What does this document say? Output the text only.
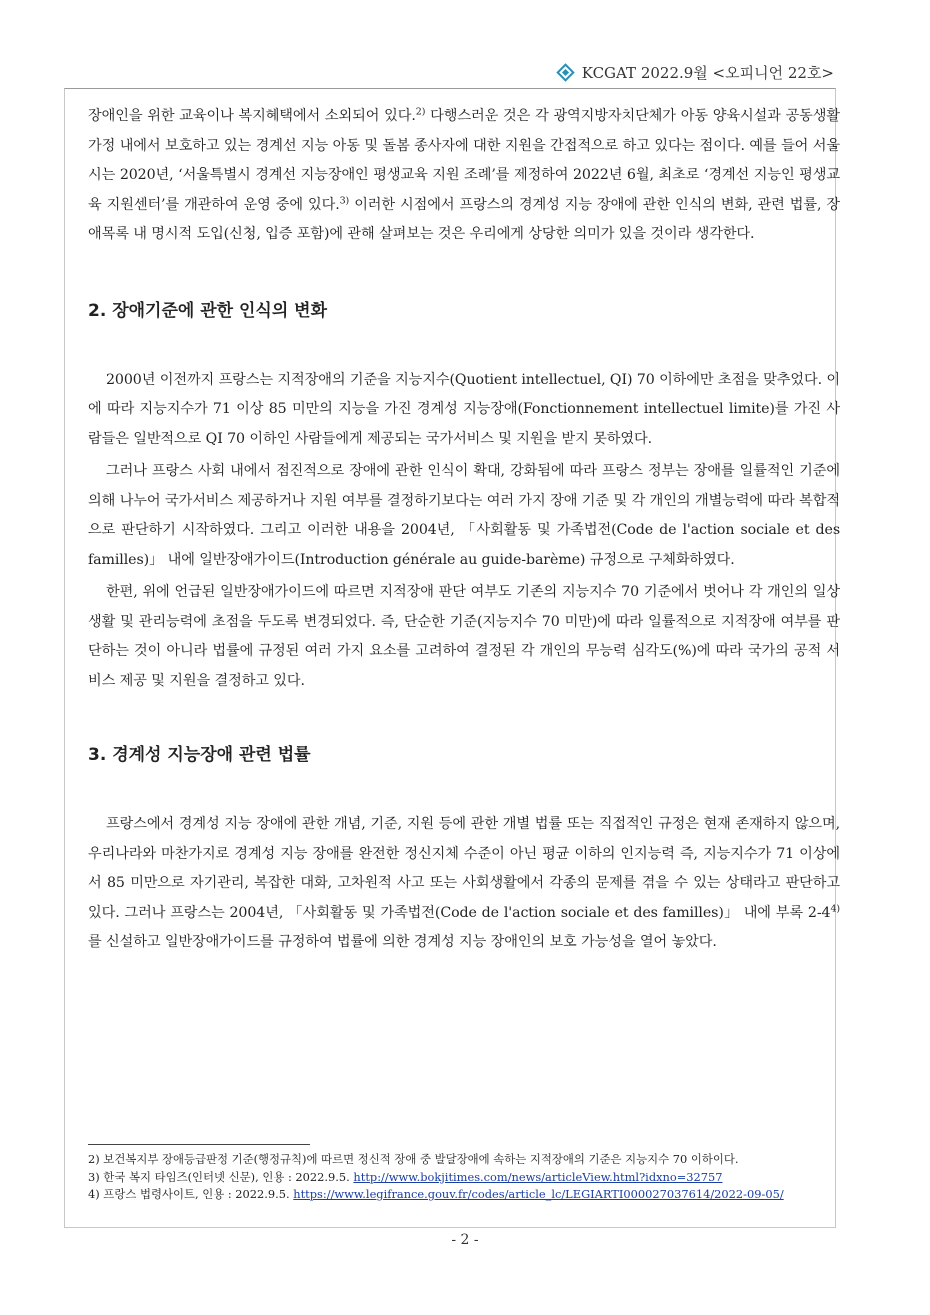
KCGAT 2022.9월 <오피니언 22호>

장애인을 위한 교육이나 복지혜택에서 소외되어 있다.$^{2)}$ 다행스러운 것은 각 광역지방자치단체가 아동 양육시설과 공동생활가정 내에서 보호하고 있는 경계선 지능 아동 및 돌봄 종사자에 대한 지원을 간접적으로 하고 있다는 점이다. 예를 들어 서울시는 2020년, ‘서울특별시 경계선 지능장애인 평생교육 지원 조례’를 제정하여 2022년 6월, 최초로 ‘경계선 지능인 평생교육 지원센터’를 개관하여 운영 중에 있다.$^{3)}$ 이러한 시점에서 프랑스의 경계성 지능 장애에 관한 인식의 변화, 관련 법률, 장애목록 내 명시적 도입(신청, 입증 포함)에 관해 살펴보는 것은 우리에게 상당한 의미가 있을 것이라 생각한다.

2. 장애기준에 관한 인식의 변화

2000년 이전까지 프랑스는 지적장애의 기준을 지능지수(Quotient intellectuel, QI) 70 이하에만 초점을 맞추었다. 이에 따라 지능지수가 71 이상 85 미만의 지능을 가진 경계성 지능장애(Fonctionnement intellectuel limite)를 가진 사람들은 일반적으로 QI 70 이하인 사람들에게 제공되는 국가서비스 및 지원을 받지 못하였다.

그러나 프랑스 사회 내에서 점진적으로 장애에 관한 인식이 확대, 강화됨에 따라 프랑스 정부는 장애를 일률적인 기준에 의해 나누어 국가서비스 제공하거나 지원 여부를 결정하기보다는 여러 가지 장애 기준 및 각 개인의 개별능력에 따라 복합적으로 판단하기 시작하였다. 그리고 이러한 내용을 2004년, 「사회활동 및 가족법전(Code de l'action sociale et des familles)」 내에 일반장애가이드(Introduction générale au guide-barème) 규정으로 구체화하였다.

한편, 위에 언급된 일반장애가이드에 따르면 지적장애 판단 여부도 기존의 지능지수 70 기준에서 벗어나 각 개인의 일상생활 및 관리능력에 초점을 두도록 변경되었다. 즉, 단순한 기준(지능지수 70 미만)에 따라 일률적으로 지적장애 여부를 판단하는 것이 아니라 법률에 규정된 여러 가지 요소를 고려하여 결정된 각 개인의 무능력 심각도(%)에 따라 국가의 공적 서비스 제공 및 지원을 결정하고 있다.

3. 경계성 지능장애 관련 법률

프랑스에서 경계성 지능 장애에 관한 개념, 기준, 지원 등에 관한 개별 법률 또는 직접적인 규정은 현재 존재하지 않으며, 우리나라와 마찬가지로 경계성 지능 장애를 완전한 정신지체 수준이 아닌 평균 이하의 인지능력 즉, 지능지수가 71 이상에서 85 미만으로 자기관리, 복잡한 대화, 고차원적 사고 또는 사회생활에서 각종의 문제를 겪을 수 있는 상태라고 판단하고 있다. 그러나 프랑스는 2004년, 「사회활동 및 가족법전(Code de l'action sociale et des familles)」 내에 부록 2-4$^{4)}$를 신설하고 일반장애가이드를 규정하여 법률에 의한 경계성 지능 장애인의 보호 가능성을 열어 놓았다.

2) 보건복지부 장애등급판정 기준(행정규칙)에 따르면 정신적 장애 중 발달장애에 속하는 지적장애의 기준은 지능지수 70 이하이다.

3) 한국 복지 타임즈(인터넷 신문), 인용 : 2022.9.5. http://www.bokjitimes.com/news/articleView.html?idxno=32757

4) 프랑스 법령사이트, 인용 : 2022.9.5. https://www.legifrance.gouv.fr/codes/article_lc/LEGIARTI000027037614/2022-09-05/

- 2 -
